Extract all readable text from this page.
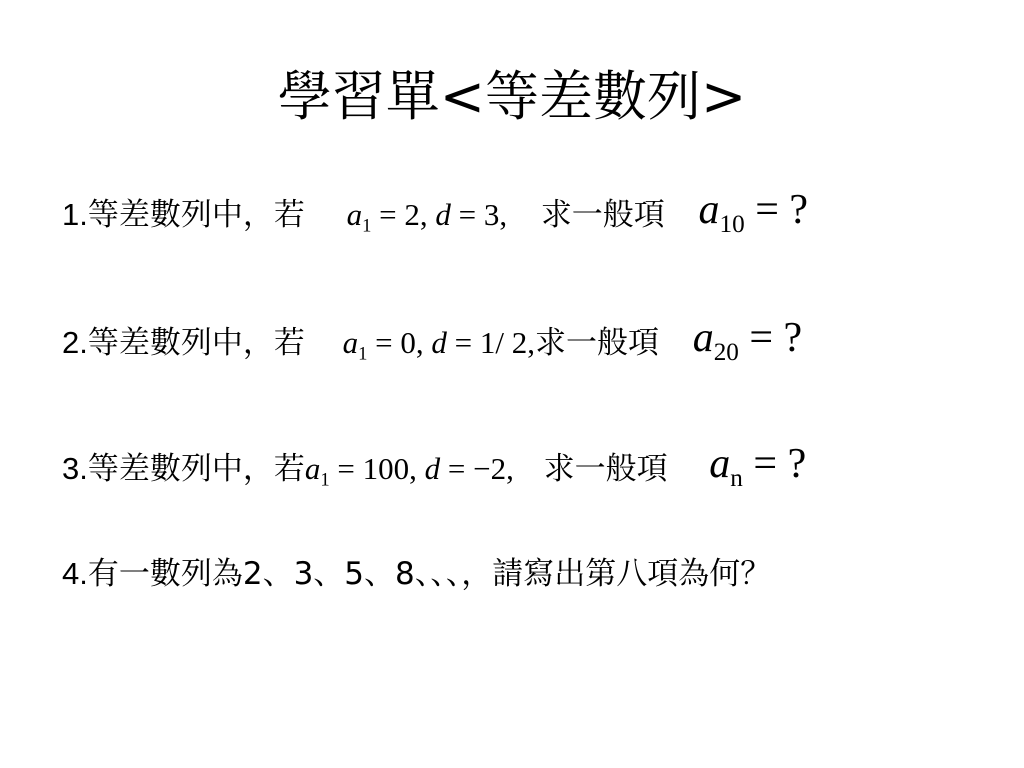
學習單<等差數列>
1.等差數列中，若 $a_1 = 2$, d = 3, 求一般項 $a_{10}$ = ?
2.等差數列中，若 $a_1 = 0$, d = 1/ 2,求一般項 $a_{20}$ = ?
3.等差數列中，若$a_1 = 100$, d = −2, 求一般項 $a_n$ = ?
4.有一數列為2、3、5、8、、、，請寫出第八項為何？
